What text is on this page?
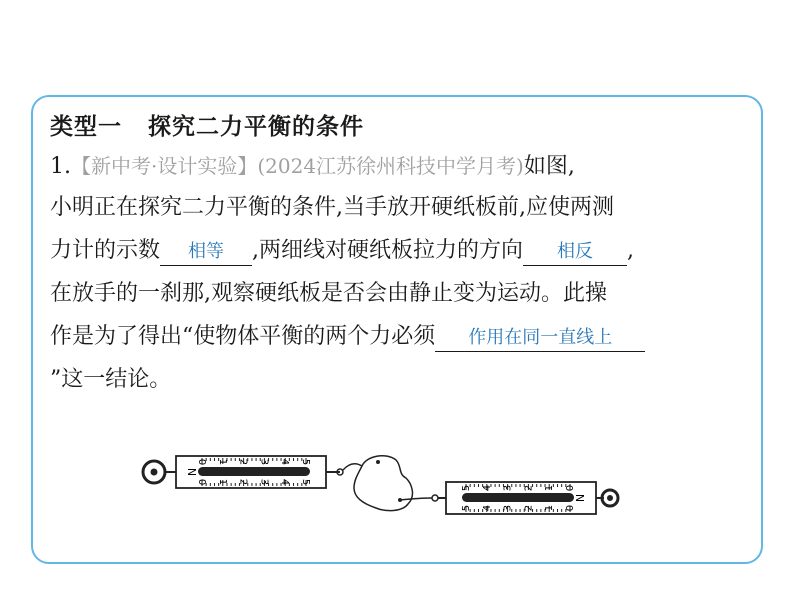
类型一 探究二力平衡的条件
1.【新中考·设计实验】(2024江苏徐州科技中学月考)如图,
小明正在探究二力平衡的条件,当手放开硬纸板前,应使两测
力计的示数 相等 ,两细线对硬纸板拉力的方向 相反 ,
在放手的一刹那,观察硬纸板是否会由静止变为运动。此操
作是为了得出“使物体平衡的两个力必须 作用在同一直线上
”这一结论。
N
0
0
1
1
2
2
3
3
4
4
5
5
5
5
4
4
3
3
2
2
1
1
0
0
N
